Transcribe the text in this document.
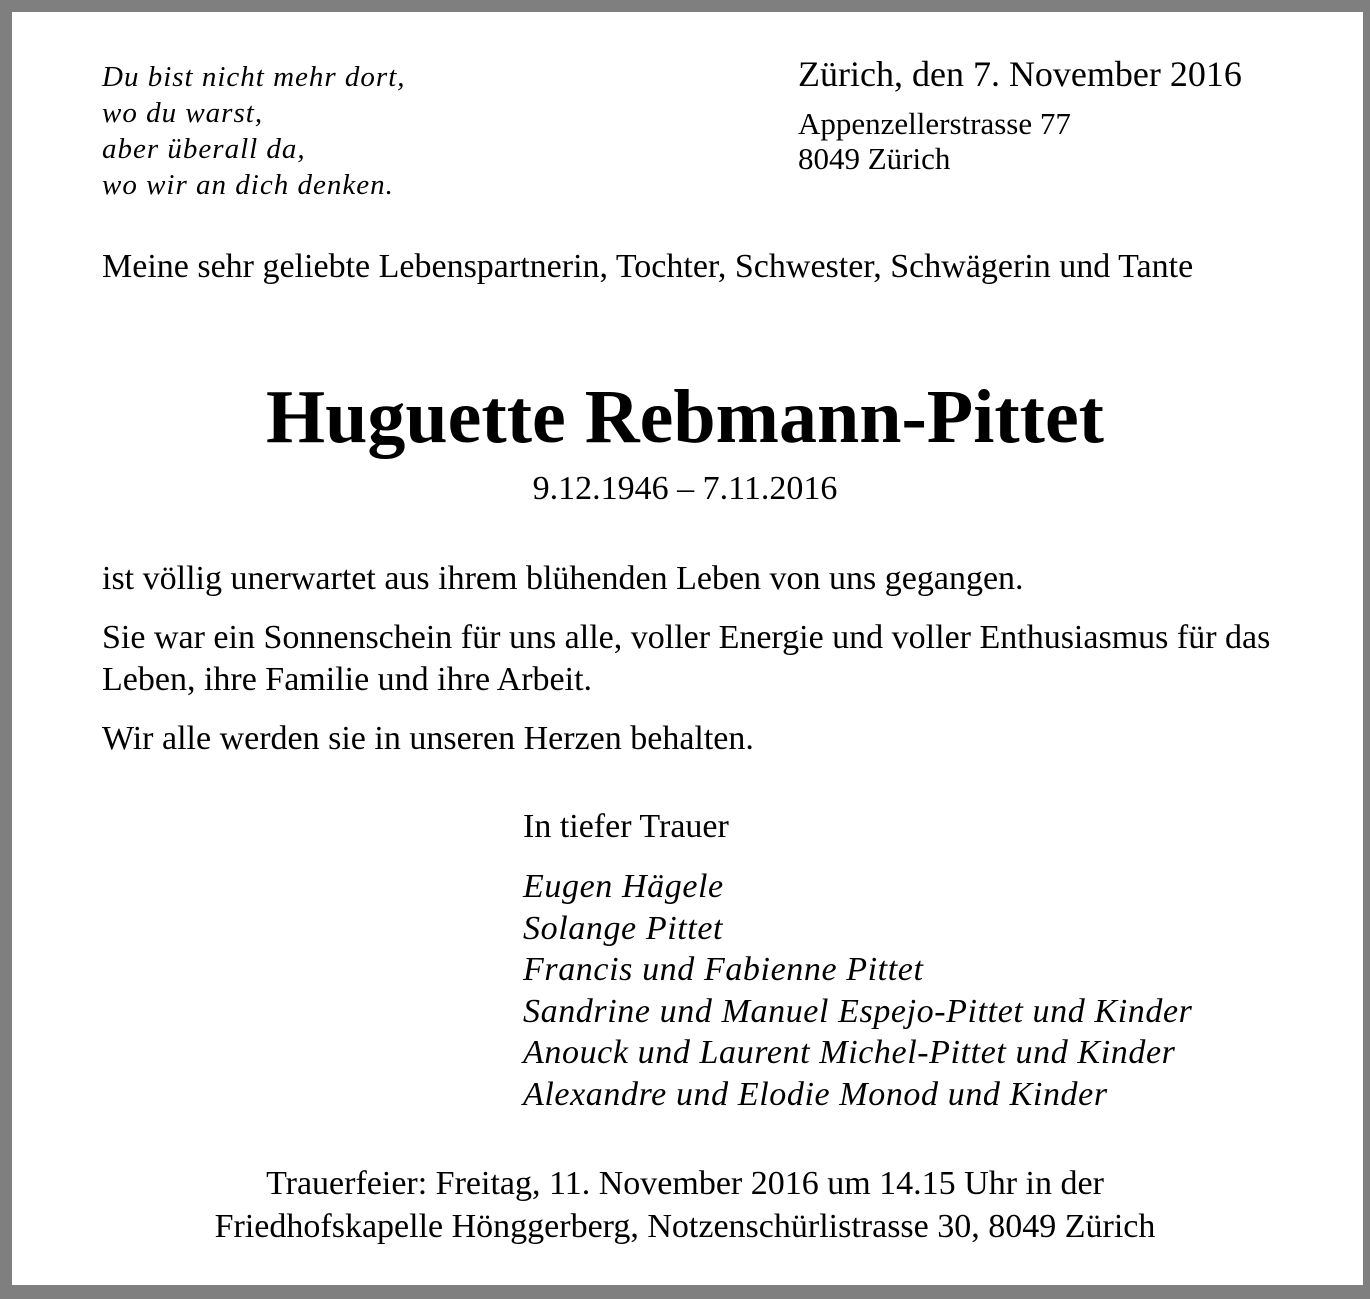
Du bist nicht mehr dort,
wo du warst,
aber überall da,
wo wir an dich denken.
Zürich, den 7. November 2016
Appenzellerstrasse 77
8049 Zürich
Meine sehr geliebte Lebenspartnerin, Tochter, Schwester, Schwägerin und Tante
Huguette Rebmann-Pittet
9.12.1946 – 7.11.2016
ist völlig unerwartet aus ihrem blühenden Leben von uns gegangen.
Sie war ein Sonnenschein für uns alle, voller Energie und voller Enthusiasmus für das Leben, ihre Familie und ihre Arbeit.
Wir alle werden sie in unseren Herzen behalten.
In tiefer Trauer
Eugen Hägele
Solange Pittet
Francis und Fabienne Pittet
Sandrine und Manuel Espejo-Pittet und Kinder
Anouck und Laurent Michel-Pittet und Kinder
Alexandre und Elodie Monod und Kinder
Trauerfeier: Freitag, 11. November 2016 um 14.15 Uhr in der
Friedhofskapelle Hönggerberg, Notzenschürlistrasse 30, 8049 Zürich
